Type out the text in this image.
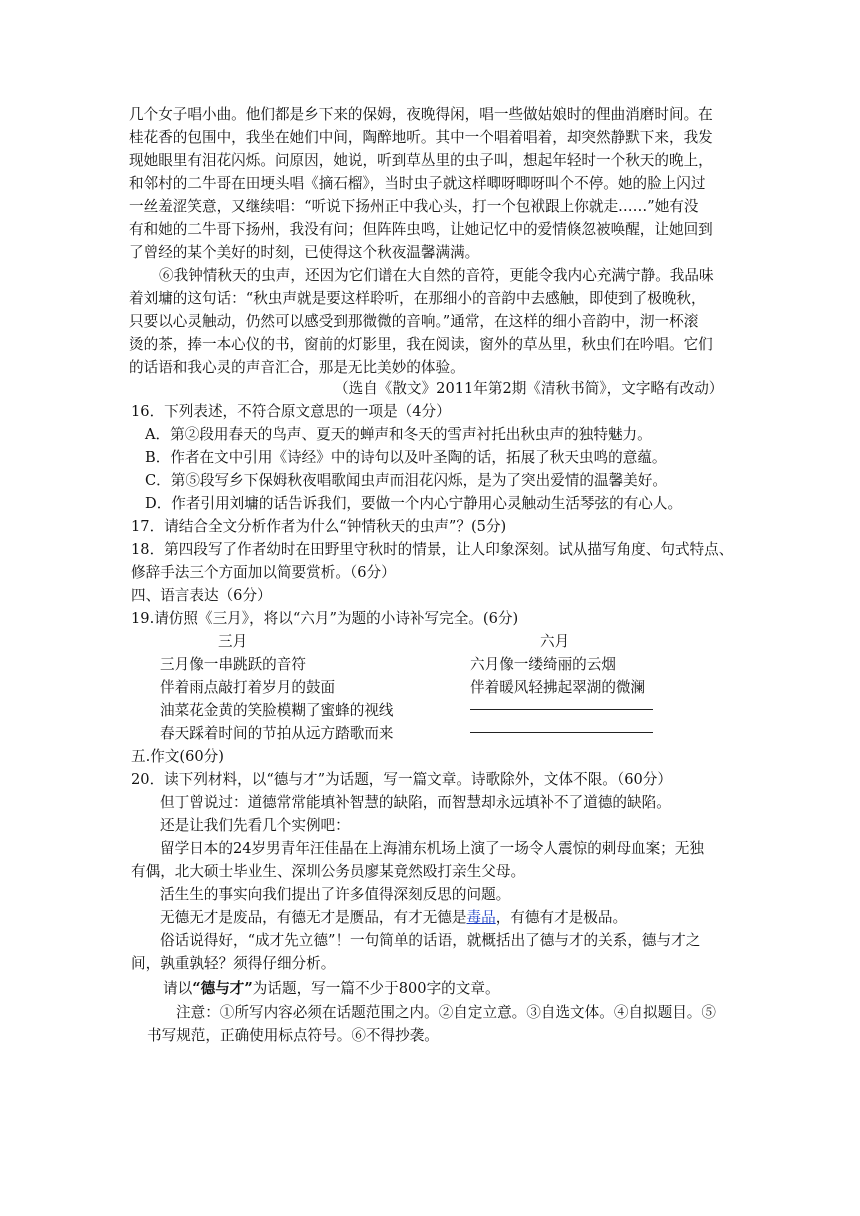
几个女子唱小曲。他们都是乡下来的保姆，夜晚得闲，唱一些做姑娘时的俚曲消磨时间。在
桂花香的包围中，我坐在她们中间，陶醉地听。其中一个唱着唱着，却突然静默下来，我发
现她眼里有泪花闪烁。问原因，她说，听到草丛里的虫子叫，想起年轻时一个秋天的晚上，
和邻村的二牛哥在田埂头唱《摘石榴》，当时虫子就这样唧呀唧呀叫个不停。她的脸上闪过
一丝羞涩笑意，又继续唱：“听说下扬州正中我心头，打一个包袱跟上你就走……”她有没
有和她的二牛哥下扬州，我没有问；但阵阵虫鸣，让她记忆中的爱情倏忽被唤醒，让她回到
了曾经的某个美好的时刻，已使得这个秋夜温馨满满。
⑥我钟情秋天的虫声，还因为它们谱在大自然的音符，更能令我内心充满宁静。我品味
着刘墉的这句话：“秋虫声就是要这样聆听，在那细小的音韵中去感触，即使到了极晚秋，
只要以心灵触动，仍然可以感受到那微微的音响。”通常，在这样的细小音韵中，沏一杯滚
烫的茶，捧一本心仪的书，窗前的灯影里，我在阅读，窗外的草丛里，秋虫们在吟唱。它们
的话语和我心灵的声音汇合，那是无比美妙的体验。
（选自《散文》2011年第2期《清秋书简》，文字略有改动）
16．下列表述，不符合原文意思的一项是（4分）
A．第②段用春天的鸟声、夏天的蝉声和冬天的雪声衬托出秋虫声的独特魅力。
B．作者在文中引用《诗经》中的诗句以及叶圣陶的话，拓展了秋天虫鸣的意蕴。
C．第⑤段写乡下保姆秋夜唱歌闻虫声而泪花闪烁，是为了突出爱情的温馨美好。
D．作者引用刘墉的话告诉我们，要做一个内心宁静用心灵触动生活琴弦的有心人。
17．请结合全文分析作者为什么“钟情秋天的虫声”？(5分)
18．第四段写了作者幼时在田野里守秋时的情景，让人印象深刻。试从描写角度、句式特点、
修辞手法三个方面加以简要赏析。（6分）
四、语言表达（6分）
19.请仿照《三月》，将以“六月”为题的小诗补写完全。(6分)
三月	六月
三月像一串跳跃的音符
伴着雨点敲打着岁月的鼓面
油菜花金黄的笑脸模糊了蜜蜂的视线
春天踩着时间的节拍从远方踏歌而来
六月像一缕绮丽的云烟
伴着暖风轻拂起翠湖的微澜
五.作文(60分)
20．读下列材料，以“德与才”为话题，写一篇文章。诗歌除外，文体不限。（60分）
但丁曾说过：道德常常能填补智慧的缺陷，而智慧却永远填补不了道德的缺陷。
还是让我们先看几个实例吧：
留学日本的24岁男青年汪佳晶在上海浦东机场上演了一场令人震惊的刺母血案；无独
有偶，北大硕士毕业生、深圳公务员廖某竟然殴打亲生父母。
活生生的事实向我们提出了许多值得深刻反思的问题。
无德无才是废品，有德无才是赝品，有才无德是毒品，有德有才是极品。
俗话说得好，“成才先立德”！一句简单的话语，就概括出了德与才的关系，德与才之
间，孰重孰轻？须得仔细分析。
请以“德与才”为话题，写一篇不少于800字的文章。
注意：①所写内容必须在话题范围之内。②自定立意。③自选文体。④自拟题目。⑤
书写规范，正确使用标点符号。⑥不得抄袭。
